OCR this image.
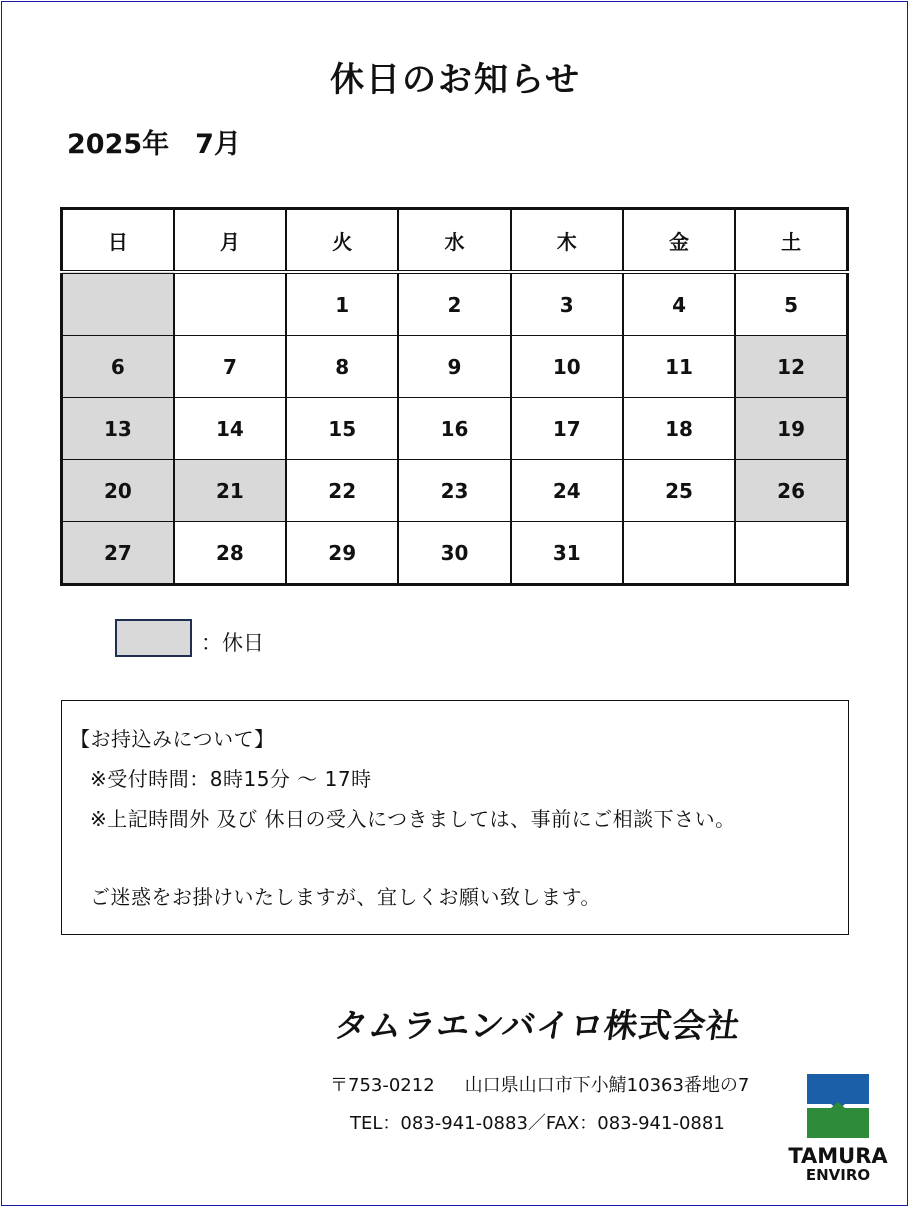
休日のお知らせ
2025年 7月
日	月	火	水	木	金	土
		1	2	3	4	5
6	7	8	9	10	11	12
13	14	15	16	17	18	19
20	21	22	23	24	25	26
27	28	29	30	31		
：休日
【お持込みについて】
※受付時間：8時15分 〜 17時
※上記時間外 及び 休日の受入につきましては、事前にご相談下さい。
ご迷惑をお掛けいたしますが、宜しくお願い致します。
タムラエンバイロ株式会社
〒753-0212 山口県山口市下小鯖10363番地の7
TEL：083-941-0883／FAX：083-941-0881
TAMURA
ENVIRO
